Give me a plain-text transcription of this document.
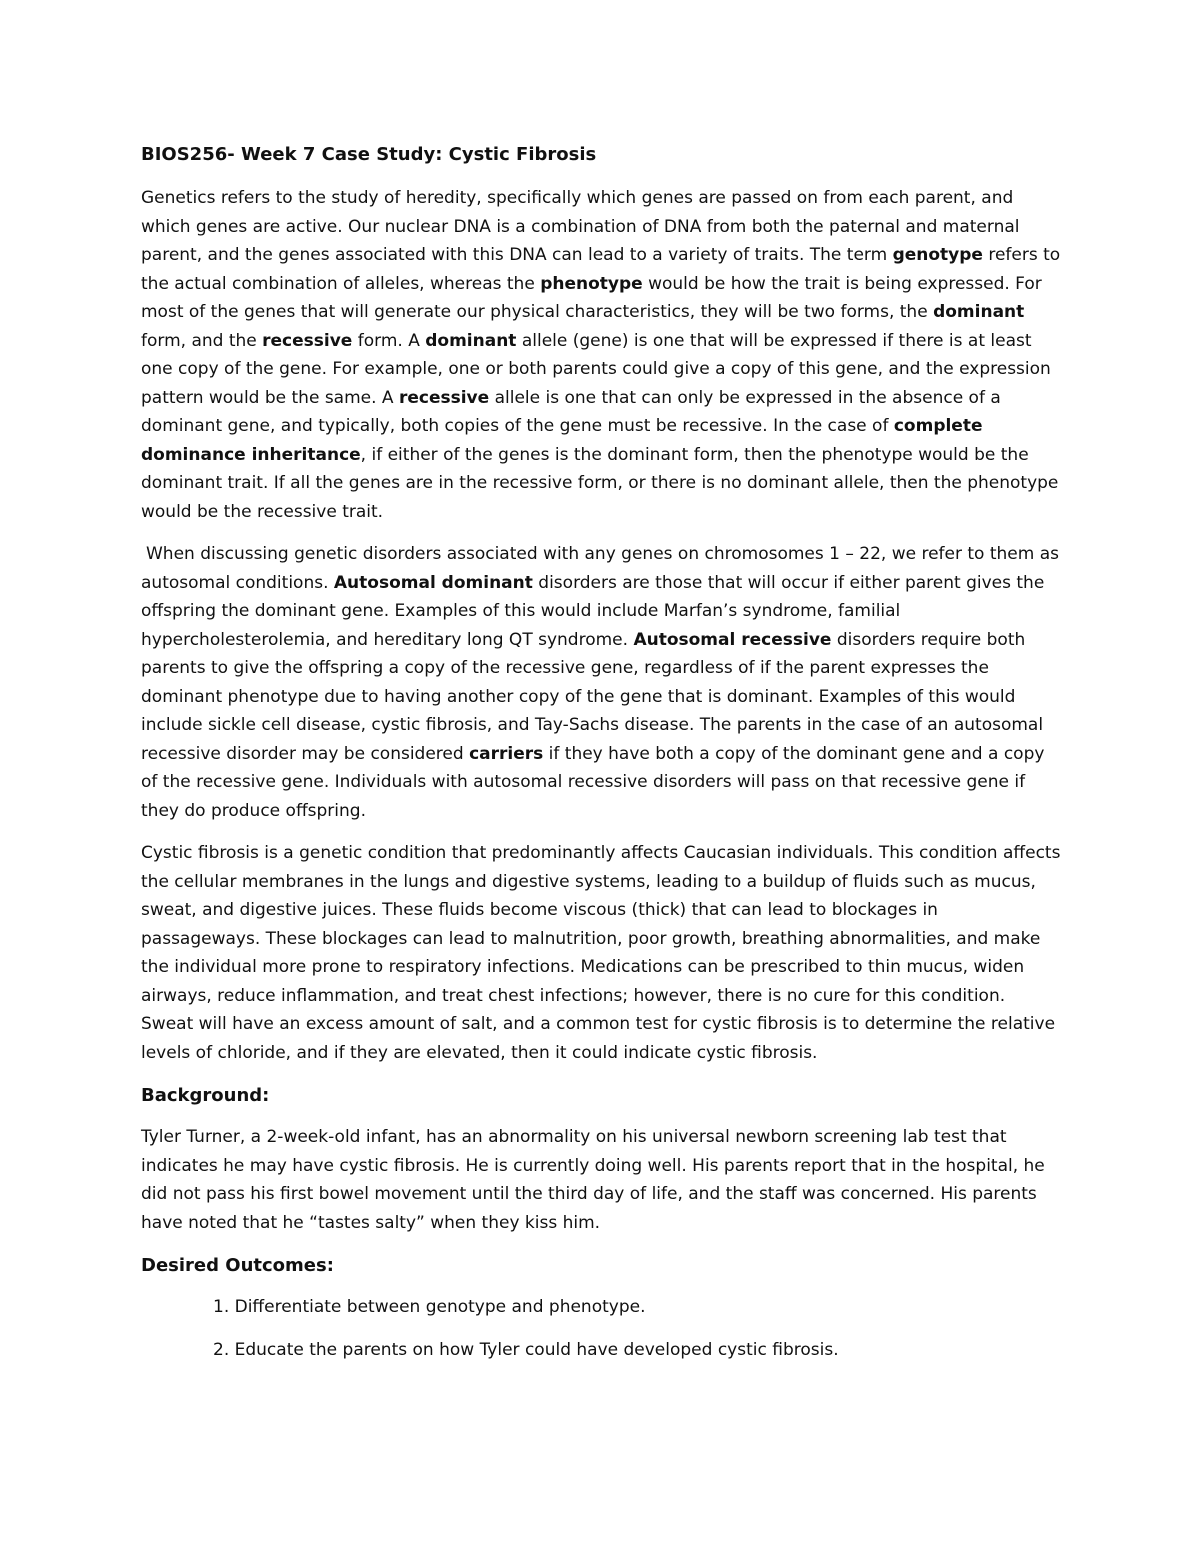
BIOS256- Week 7 Case Study: Cystic Fibrosis

Genetics refers to the study of heredity, specifically which genes are passed on from each parent, and which genes are active. Our nuclear DNA is a combination of DNA from both the paternal and maternal parent, and the genes associated with this DNA can lead to a variety of traits. The term genotype refers to the actual combination of alleles, whereas the phenotype would be how the trait is being expressed. For most of the genes that will generate our physical characteristics, they will be two forms, the dominant form, and the recessive form. A dominant allele (gene) is one that will be expressed if there is at least one copy of the gene. For example, one or both parents could give a copy of this gene, and the expression pattern would be the same. A recessive allele is one that can only be expressed in the absence of a dominant gene, and typically, both copies of the gene must be recessive. In the case of complete dominance inheritance, if either of the genes is the dominant form, then the phenotype would be the dominant trait. If all the genes are in the recessive form, or there is no dominant allele, then the phenotype would be the recessive trait.

When discussing genetic disorders associated with any genes on chromosomes 1 – 22, we refer to them as autosomal conditions. Autosomal dominant disorders are those that will occur if either parent gives the offspring the dominant gene. Examples of this would include Marfan’s syndrome, familial hypercholesterolemia, and hereditary long QT syndrome. Autosomal recessive disorders require both parents to give the offspring a copy of the recessive gene, regardless of if the parent expresses the dominant phenotype due to having another copy of the gene that is dominant. Examples of this would include sickle cell disease, cystic fibrosis, and Tay-Sachs disease. The parents in the case of an autosomal recessive disorder may be considered carriers if they have both a copy of the dominant gene and a copy of the recessive gene. Individuals with autosomal recessive disorders will pass on that recessive gene if they do produce offspring.

Cystic fibrosis is a genetic condition that predominantly affects Caucasian individuals. This condition affects the cellular membranes in the lungs and digestive systems, leading to a buildup of fluids such as mucus, sweat, and digestive juices. These fluids become viscous (thick) that can lead to blockages in passageways. These blockages can lead to malnutrition, poor growth, breathing abnormalities, and make the individual more prone to respiratory infections. Medications can be prescribed to thin mucus, widen airways, reduce inflammation, and treat chest infections; however, there is no cure for this condition. Sweat will have an excess amount of salt, and a common test for cystic fibrosis is to determine the relative levels of chloride, and if they are elevated, then it could indicate cystic fibrosis.

Background:

Tyler Turner, a 2-week-old infant, has an abnormality on his universal newborn screening lab test that indicates he may have cystic fibrosis. He is currently doing well. His parents report that in the hospital, he did not pass his first bowel movement until the third day of life, and the staff was concerned. His parents have noted that he “tastes salty” when they kiss him.

Desired Outcomes:
1. Differentiate between genotype and phenotype.
2. Educate the parents on how Tyler could have developed cystic fibrosis.
